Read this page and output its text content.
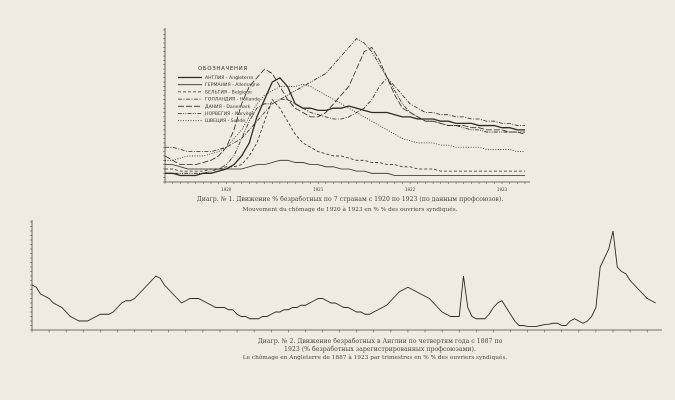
1920	1921	1922	1923
ОБОЗНАЧЕНИЯ
АНГЛИЯ - Angleterre
ГЕРМАНИЯ - Allemagne
БЕЛЬГИЯ - Belgique
ГОЛЛАНДИЯ - Hollande
ДАНИЯ - Danemark
НОРВЕГИЯ - Norvège
ШВЕЦИЯ - Suède
Диагр. № 1. Движение % безработных по 7 странам с 1920 по 1923 (по данным профсоюзов).
Mouvement du chômage de 1920 à 1923 en % % des ouvriers syndiqués.
Диагр. № 2. Движение безработных в Англии по четвертям года с 1887 по 1923 (% безработных зарегистрированных профсоюзами).
Le chômage en Angleterre de 1887 à 1923 par trimestres en % % des ouvriers syndiqués.
